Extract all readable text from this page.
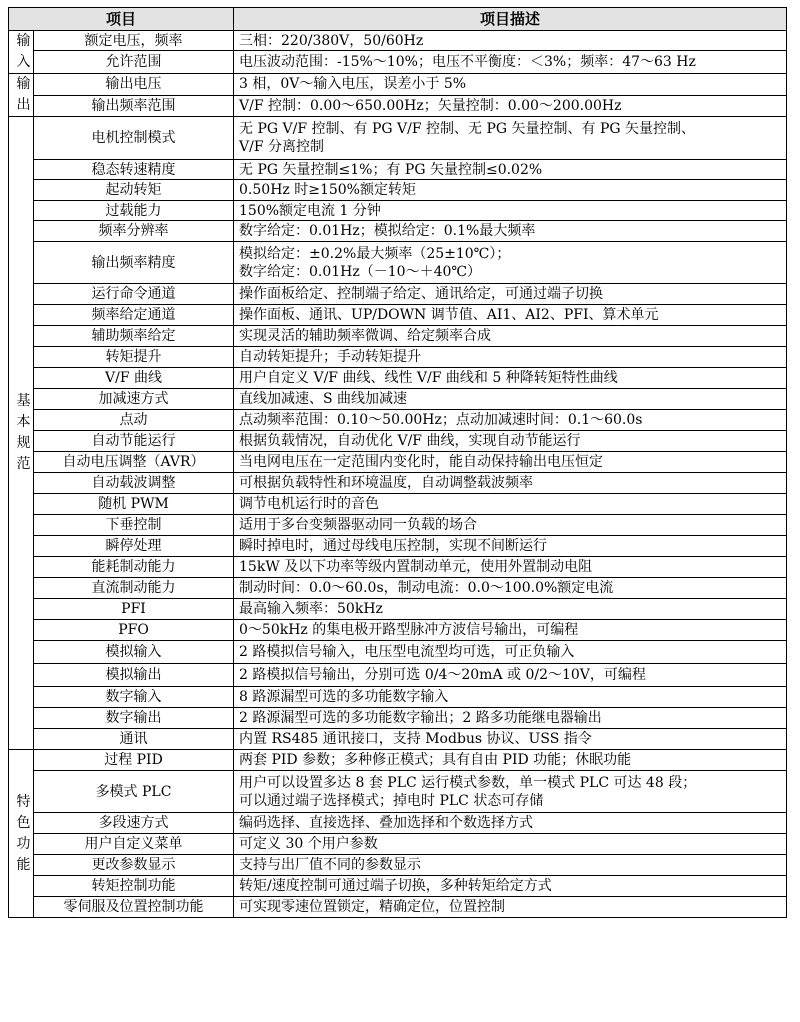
项目		项目描述
输入	额定电压，频率	三相：220/380V，50/60Hz

	允许范围	电压波动范围：-15%～10%；电压不平衡度：＜3%；频率：47～63 Hz

输出	输出电压	3 相，0V～输入电压，误差小于 5%

	输出频率范围	V/F 控制：0.00～650.00Hz；矢量控制：0.00～200.00Hz

基本规范	电机控制模式	无 PG V/F 控制、有 PG V/F 控制、无 PG 矢量控制、有 PG 矢量控制、
V/F 分离控制

	稳态转速精度	无 PG 矢量控制≤1%；有 PG 矢量控制≤0.02%

	起动转矩	0.50Hz 时≥150%额定转矩

	过载能力	150%额定电流 1 分钟

	频率分辨率	数字给定：0.01Hz；模拟给定：0.1%最大频率

	输出频率精度	模拟给定：±0.2%最大频率（25±10℃）；
数字给定：0.01Hz（－10～＋40℃）

	运行命令通道	操作面板给定、控制端子给定、通讯给定，可通过端子切换

	频率给定通道	操作面板、通讯、UP/DOWN 调节值、AI1、AI2、PFI、算术单元

	辅助频率给定	实现灵活的辅助频率微调、给定频率合成

	转矩提升	自动转矩提升；手动转矩提升

	V/F 曲线	用户自定义 V/F 曲线、线性 V/F 曲线和 5 种降转矩特性曲线

	加减速方式	直线加减速、S 曲线加减速

	点动	点动频率范围：0.10～50.00Hz；点动加减速时间：0.1～60.0s

	自动节能运行	根据负载情况，自动优化 V/F 曲线，实现自动节能运行

	自动电压调整（AVR）	当电网电压在一定范围内变化时，能自动保持输出电压恒定

	自动载波调整	可根据负载特性和环境温度，自动调整载波频率

	随机 PWM	调节电机运行时的音色

	下垂控制	适用于多台变频器驱动同一负载的场合

	瞬停处理	瞬时掉电时，通过母线电压控制，实现不间断运行

	能耗制动能力	15kW 及以下功率等级内置制动单元，使用外置制动电阻

	直流制动能力	制动时间：0.0～60.0s，制动电流：0.0～100.0%额定电流

	PFI	最高输入频率：50kHz

	PFO	0～50kHz 的集电极开路型脉冲方波信号输出，可编程

	模拟输入	2 路模拟信号输入，电压型电流型均可选，可正负输入

	模拟输出	2 路模拟信号输出，分别可选 0/4～20mA 或 0/2～10V，可编程

	数字输入	8 路源漏型可选的多功能数字输入

	数字输出	2 路源漏型可选的多功能数字输出；2 路多功能继电器输出

	通讯	内置 RS485 通讯接口，支持 Modbus 协议、USS 指令

特色功能	过程 PID	两套 PID 参数；多种修正模式；具有自由 PID 功能；休眠功能

	多模式 PLC	用户可以设置多达 8 套 PLC 运行模式参数，单一模式 PLC 可达 48 段；
可以通过端子选择模式；掉电时 PLC 状态可存储

	多段速方式	编码选择、直接选择、叠加选择和个数选择方式

	用户自定义菜单	可定义 30 个用户参数

	更改参数显示	支持与出厂值不同的参数显示

	转矩控制功能	转矩/速度控制可通过端子切换，多种转矩给定方式

	零伺服及位置控制功能	可实现零速位置锁定，精确定位，位置控制
